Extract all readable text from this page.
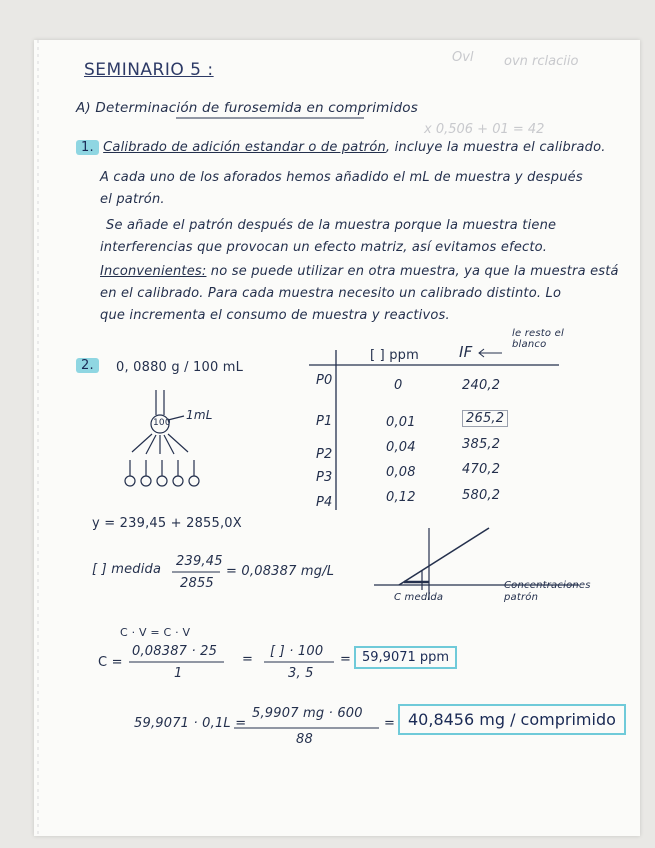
Ovl ovn rclaciio
x 0,506 + 01 = 42
SEMINARIO 5 :
A) Determinación de furosemida en comprimidos
1. Calibrado de adición estandar o de patrón, incluye la muestra el calibrado.
A cada uno de los aforados hemos añadido el mL de muestra y después
el patrón.
Se añade el patrón después de la muestra porque la muestra tiene
interferencias que provocan un efecto matriz, así evitamos efecto.
Inconvenientes: no se puede utilizar en otra muestra, ya que la muestra está
en el calibrado. Para cada muestra necesito un calibrado distinto. Lo
que incrementa el consumo de muestra y reactivos.
2.	0, 0880 g / 100 mL
100
1mL
le resto el blanco
[ ] ppm	IF
P0
P1
P2
P3
P4
0
0,01
0,04
0,08
0,12
240,2
265,2
385,2
470,2
580,2
y = 239,45 + 2855,0X
[ ] medida
239,45
2855
= 0,08387 mg/L
Concentraciones patrón
C medida
C · V = C · V
C =
0,08387 · 25
1
=
[ ] · 100
3, 5
= 59,9071 ppm
59,9071 · 0,1L =
5,9907 mg · 600
88
= 40,8456 mg / comprimido
